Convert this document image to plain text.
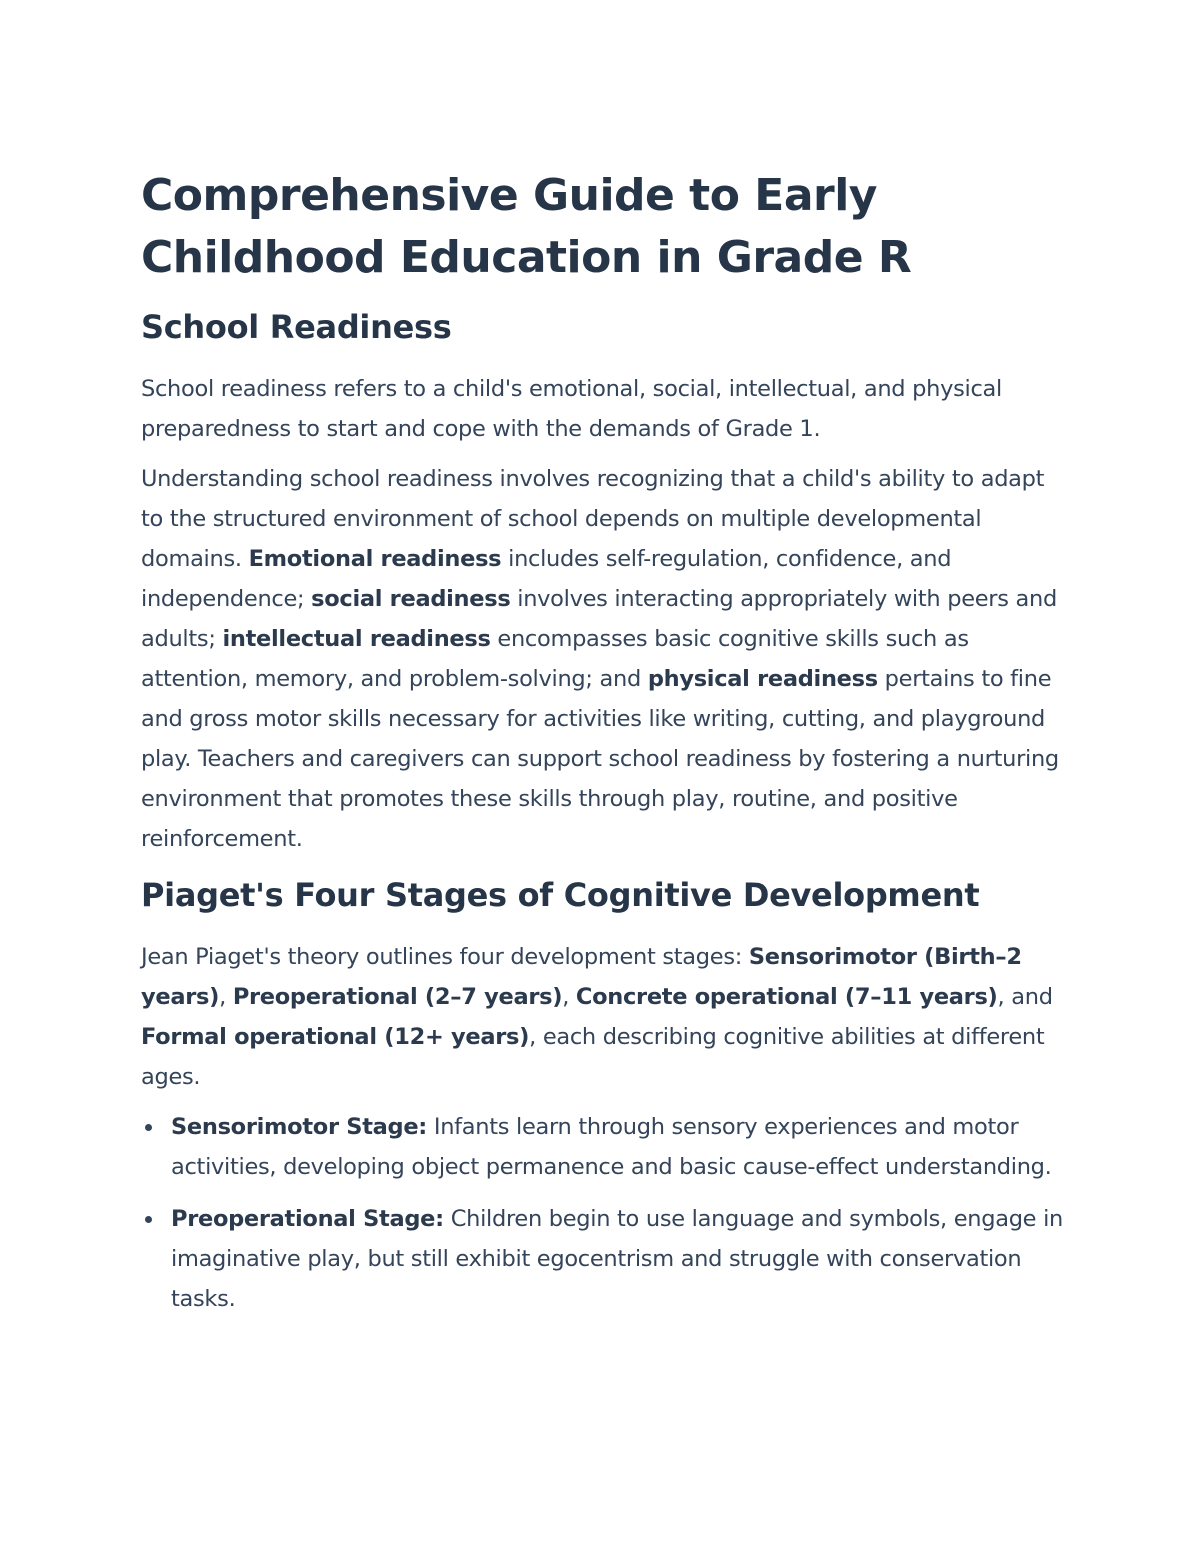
Comprehensive Guide to Early Childhood Education in Grade R
School Readiness

School readiness refers to a child's emotional, social, intellectual, and physical preparedness to start and cope with the demands of Grade 1.

Understanding school readiness involves recognizing that a child's ability to adapt to the structured environment of school depends on multiple developmental domains. Emotional readiness includes self-regulation, confidence, and independence; social readiness involves interacting appropriately with peers and adults; intellectual readiness encompasses basic cognitive skills such as attention, memory, and problem-solving; and physical readiness pertains to fine and gross motor skills necessary for activities like writing, cutting, and playground play. Teachers and caregivers can support school readiness by fostering a nurturing environment that promotes these skills through play, routine, and positive reinforcement.

Piaget's Four Stages of Cognitive Development

Jean Piaget's theory outlines four development stages: Sensorimotor (Birth–2 years), Preoperational (2–7 years), Concrete operational (7–11 years), and Formal operational (12+ years), each describing cognitive abilities at different ages.

Sensorimotor Stage: Infants learn through sensory experiences and motor activities, developing object permanence and basic cause-effect understanding.
Preoperational Stage: Children begin to use language and symbols, engage in imaginative play, but still exhibit egocentrism and struggle with conservation tasks.
